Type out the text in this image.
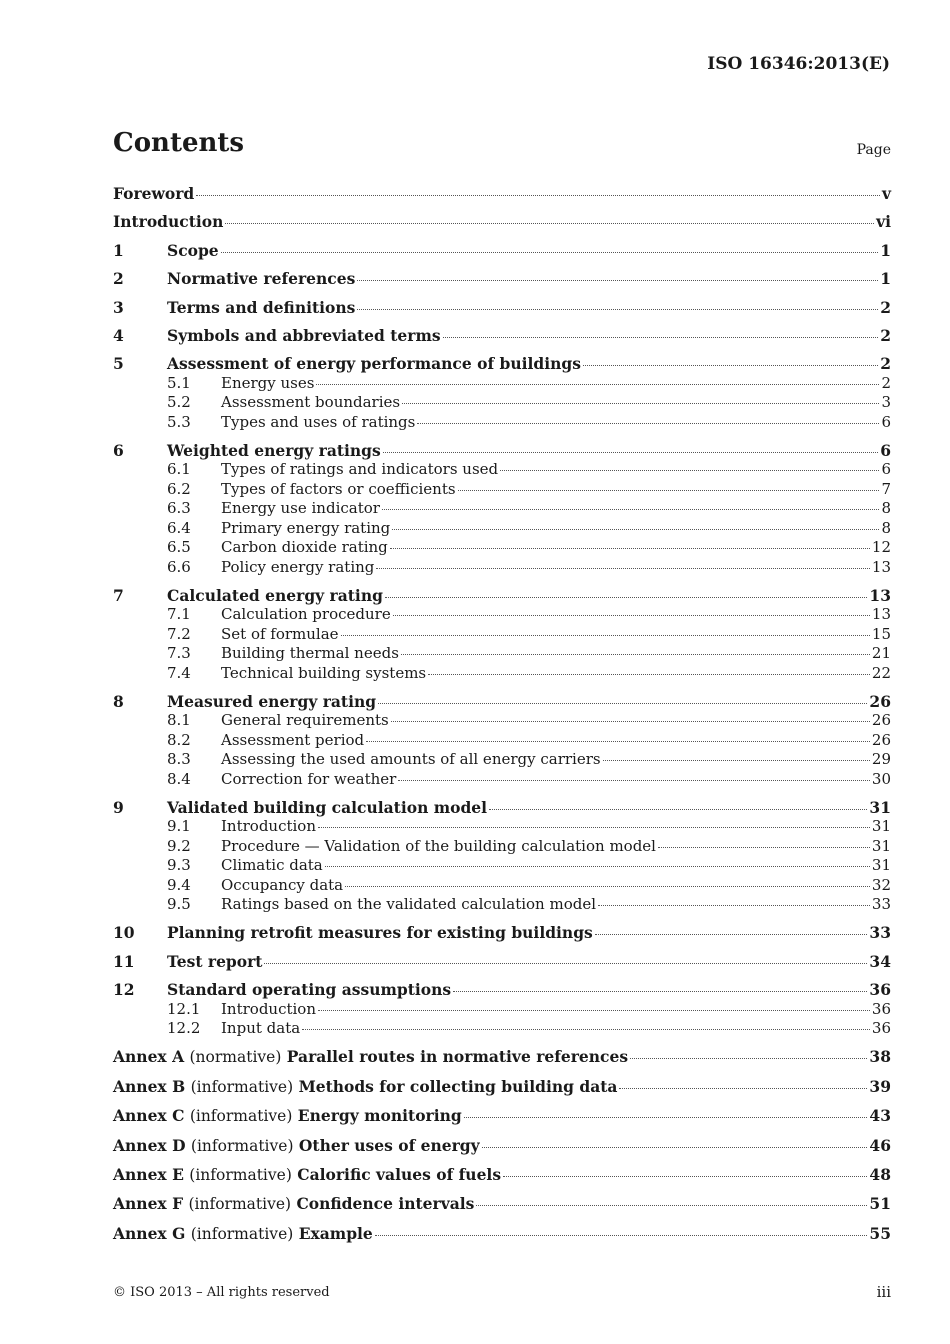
ISO 16346:2013(E)
Contents	Page
Foreword	v
Introduction	vi
1	Scope	1
2	Normative references	1
3	Terms and definitions	2
4	Symbols and abbreviated terms	2
5	Assessment of energy performance of buildings	2
5.1	Energy uses	2
5.2	Assessment boundaries	3
5.3	Types and uses of ratings	6
6	Weighted energy ratings	6
6.1	Types of ratings and indicators used	6
6.2	Types of factors or coefficients	7
6.3	Energy use indicator	8
6.4	Primary energy rating	8
6.5	Carbon dioxide rating	12
6.6	Policy energy rating	13
7	Calculated energy rating	13
7.1	Calculation procedure	13
7.2	Set of formulae	15
7.3	Building thermal needs	21
7.4	Technical building systems	22
8	Measured energy rating	26
8.1	General requirements	26
8.2	Assessment period	26
8.3	Assessing the used amounts of all energy carriers	29
8.4	Correction for weather	30
9	Validated building calculation model	31
9.1	Introduction	31
9.2	Procedure — Validation of the building calculation model	31
9.3	Climatic data	31
9.4	Occupancy data	32
9.5	Ratings based on the validated calculation model	33
10	Planning retrofit measures for existing buildings	33
11	Test report	34
12	Standard operating assumptions	36
12.1	Introduction	36
12.2	Input data	36
Annex A (normative) Parallel routes in normative references	38
Annex B (informative) Methods for collecting building data	39
Annex C (informative) Energy monitoring	43
Annex D (informative) Other uses of energy	46
Annex E (informative) Calorific values of fuels	48
Annex F (informative) Confidence intervals	51
Annex G (informative) Example	55
© ISO 2013 – All rights reserved	iii
